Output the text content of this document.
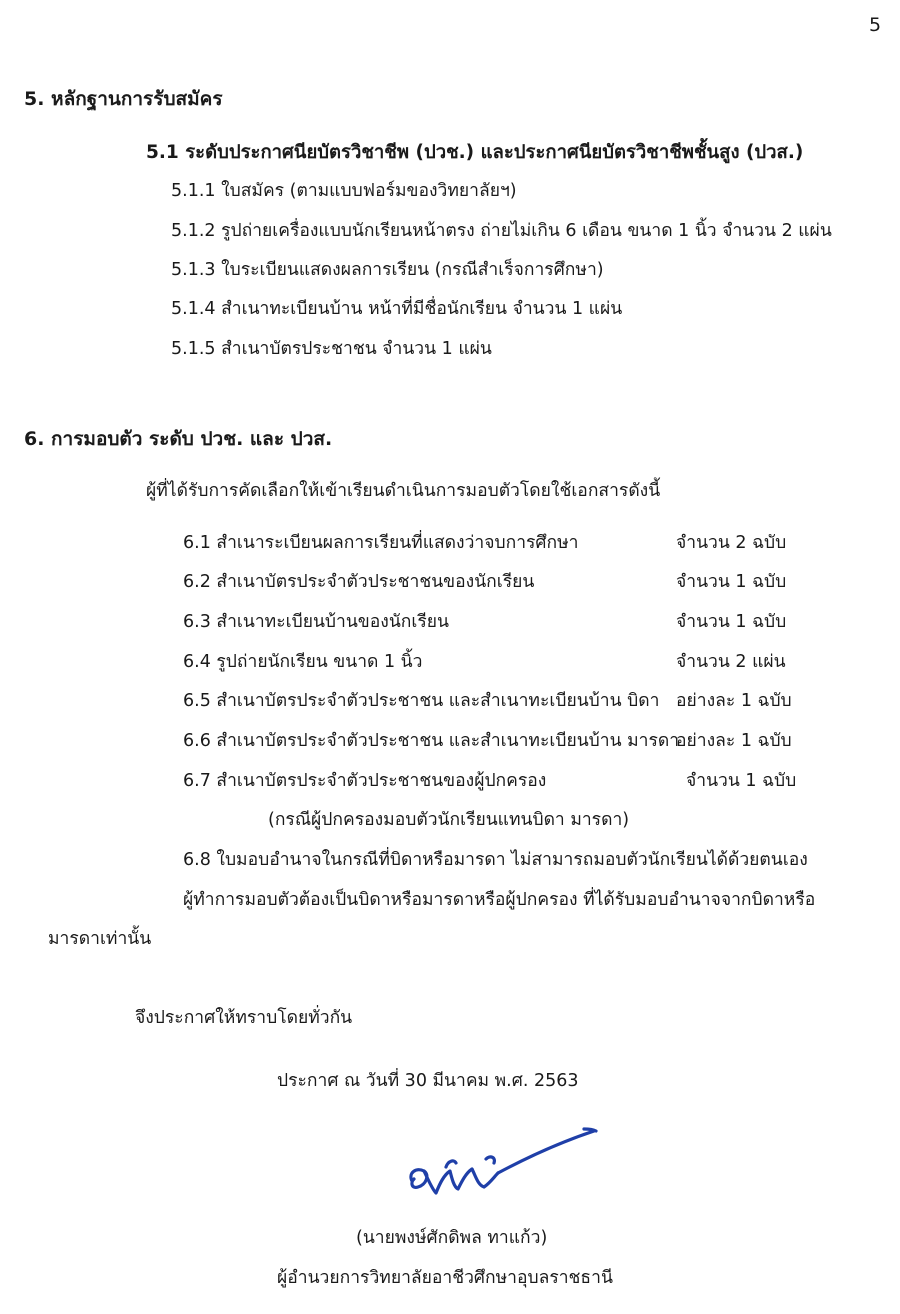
5
5. หลักฐานการรับสมัคร
5.1 ระดับประกาศนียบัตรวิชาชีพ (ปวช.) และประกาศนียบัตรวิชาชีพชั้นสูง (ปวส.)
5.1.1 ใบสมัคร (ตามแบบฟอร์มของวิทยาลัยฯ)
5.1.2 รูปถ่ายเครื่องแบบนักเรียนหน้าตรง ถ่ายไม่เกิน 6 เดือน ขนาด 1 นิ้ว จำนวน 2 แผ่น
5.1.3 ใบระเบียนแสดงผลการเรียน (กรณีสำเร็จการศึกษา)
5.1.4 สำเนาทะเบียนบ้าน หน้าที่มีชื่อนักเรียน จำนวน 1 แผ่น
5.1.5 สำเนาบัตรประชาชน จำนวน 1 แผ่น
6. การมอบตัว ระดับ ปวช. และ ปวส.
ผู้ที่ได้รับการคัดเลือกให้เข้าเรียนดำเนินการมอบตัวโดยใช้เอกสารดังนี้
6.1 สำเนาระเบียนผลการเรียนที่แสดงว่าจบการศึกษา	จำนวน 2 ฉบับ
6.2 สำเนาบัตรประจำตัวประชาชนของนักเรียน	จำนวน 1 ฉบับ
6.3 สำเนาทะเบียนบ้านของนักเรียน	จำนวน 1 ฉบับ
6.4 รูปถ่ายนักเรียน ขนาด 1 นิ้ว	จำนวน 2 แผ่น
6.5 สำเนาบัตรประจำตัวประชาชน และสำเนาทะเบียนบ้าน บิดา อย่างละ 1 ฉบับ
6.6 สำเนาบัตรประจำตัวประชาชน และสำเนาทะเบียนบ้าน มารดา
อย่างละ 1 ฉบับ
6.7 สำเนาบัตรประจำตัวประชาชนของผู้ปกครอง	จำนวน 1 ฉบับ
(กรณีผู้ปกครองมอบตัวนักเรียนแทนบิดา มารดา)
6.8 ใบมอบอำนาจในกรณีที่บิดาหรือมารดา ไม่สามารถมอบตัวนักเรียนได้ด้วยตนเอง
ผู้ทำการมอบตัวต้องเป็นบิดาหรือมารดาหรือผู้ปกครอง ที่ได้รับมอบอำนาจจากบิดาหรือ
มารดาเท่านั้น
จึงประกาศให้ทราบโดยทั่วกัน
ประกาศ ณ วันที่ 30 มีนาคม พ.ศ. 2563
(นายพงษ์ศักดิพล ทาแก้ว)
ผู้อำนวยการวิทยาลัยอาชีวศึกษาอุบลราชธานี
